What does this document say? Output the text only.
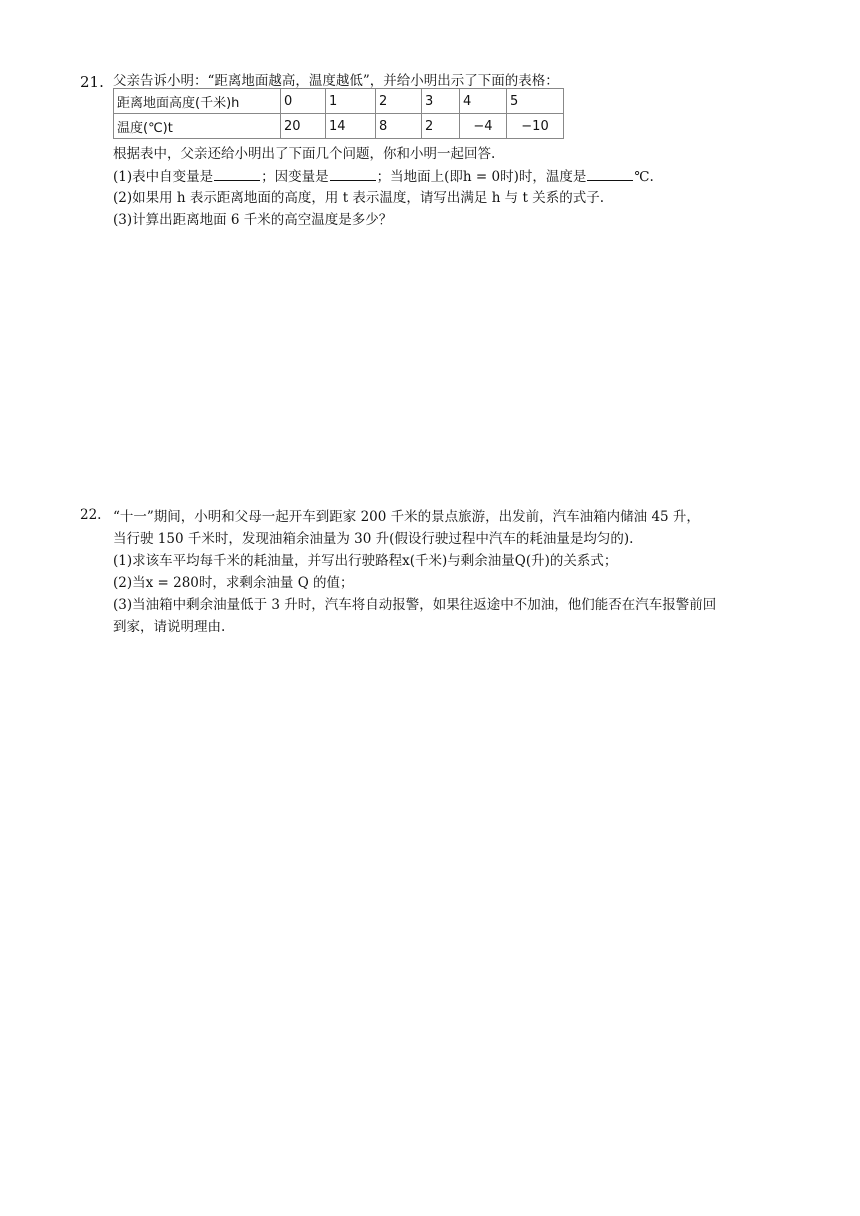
21. 父亲告诉小明：“距离地面越高，温度越低”，并给小明出示了下面的表格：
距离地面高度(千米)h	0	1	2	3	4	5
温度(℃)t	20	14	8	2	−4	−10
根据表中，父亲还给小明出了下面几个问题，你和小明一起回答.
(1)表中自变量是	；因变量是	；当地面上(即h = 0时)时，温度是	℃.
(2)如果用 h 表示距离地面的高度，用 t 表示温度，请写出满足 h 与 t 关系的式子.
(3)计算出距离地面 6 千米的高空温度是多少？
22. “十一”期间，小明和父母一起开车到距家 200 千米的景点旅游，出发前，汽车油箱内储油 45 升，
当行驶 150 千米时，发现油箱余油量为 30 升(假设行驶过程中汽车的耗油量是均匀的).
(1)求该车平均每千米的耗油量，并写出行驶路程x(千米)与剩余油量Q(升)的关系式；
(2)当x = 280时，求剩余油量 Q 的值；
(3)当油箱中剩余油量低于 3 升时，汽车将自动报警，如果往返途中不加油，他们能否在汽车报警前回
到家，请说明理由.
